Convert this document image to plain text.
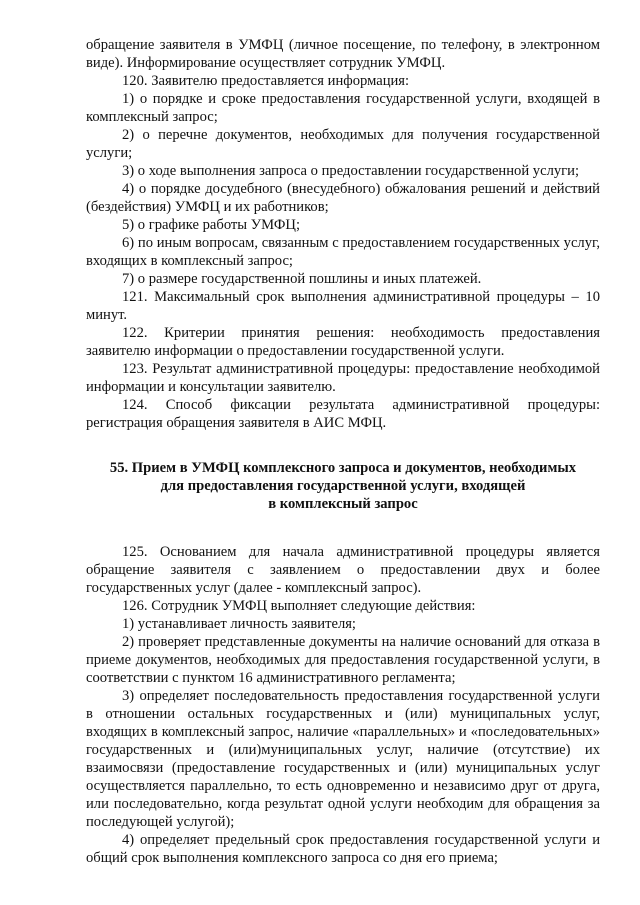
обращение заявителя в УМФЦ (личное посещение, по телефону, в электронном виде). Информирование осуществляет сотрудник УМФЦ.

120. Заявителю предоставляется информация:

1) о порядке и сроке предоставления государственной услуги, входящей в комплексный запрос;

2) о перечне документов, необходимых для получения государственной услуги;

3) о ходе выполнения запроса о предоставлении государственной услуги;

4) о порядке досудебного (внесудебного) обжалования решений и действий (бездействия) УМФЦ и их работников;

5) о графике работы УМФЦ;

6) по иным вопросам, связанным с предоставлением государственных услуг, входящих в комплексный запрос;

7) о размере государственной пошлины и иных платежей.

121. Максимальный срок выполнения административной процедуры – 10 минут.

122. Критерии принятия решения: необходимость предоставления заявителю информации о предоставлении государственной услуги.

123. Результат административной процедуры: предоставление необходимой информации и консультации заявителю.

124. Способ фиксации результата административной процедуры: регистрация обращения заявителя в АИС МФЦ.

55. Прием в УМФЦ комплексного запроса и документов, необходимых
для предоставления государственной услуги, входящей
в комплексный запрос

125. Основанием для начала административной процедуры является обращение заявителя с заявлением о предоставлении двух и более государственных услуг (далее - комплексный запрос).

126. Сотрудник УМФЦ выполняет следующие действия:

1) устанавливает личность заявителя;

2) проверяет представленные документы на наличие оснований для отказа в приеме документов, необходимых для предоставления государственной услуги, в соответствии с пунктом 16 административного регламента;

3) определяет последовательность предоставления государственной услуги в отношении остальных государственных и (или) муниципальных услуг, входящих в комплексный запрос, наличие «параллельных» и «последовательных» государственных и (или)муниципальных услуг, наличие (отсутствие) их взаимосвязи (предоставление государственных и (или) муниципальных услуг осуществляется параллельно, то есть одновременно и независимо друг от друга, или последовательно, когда результат одной услуги необходим для обращения за последующей услугой);

4) определяет предельный срок предоставления государственной услуги и общий срок выполнения комплексного запроса со дня его приема;
